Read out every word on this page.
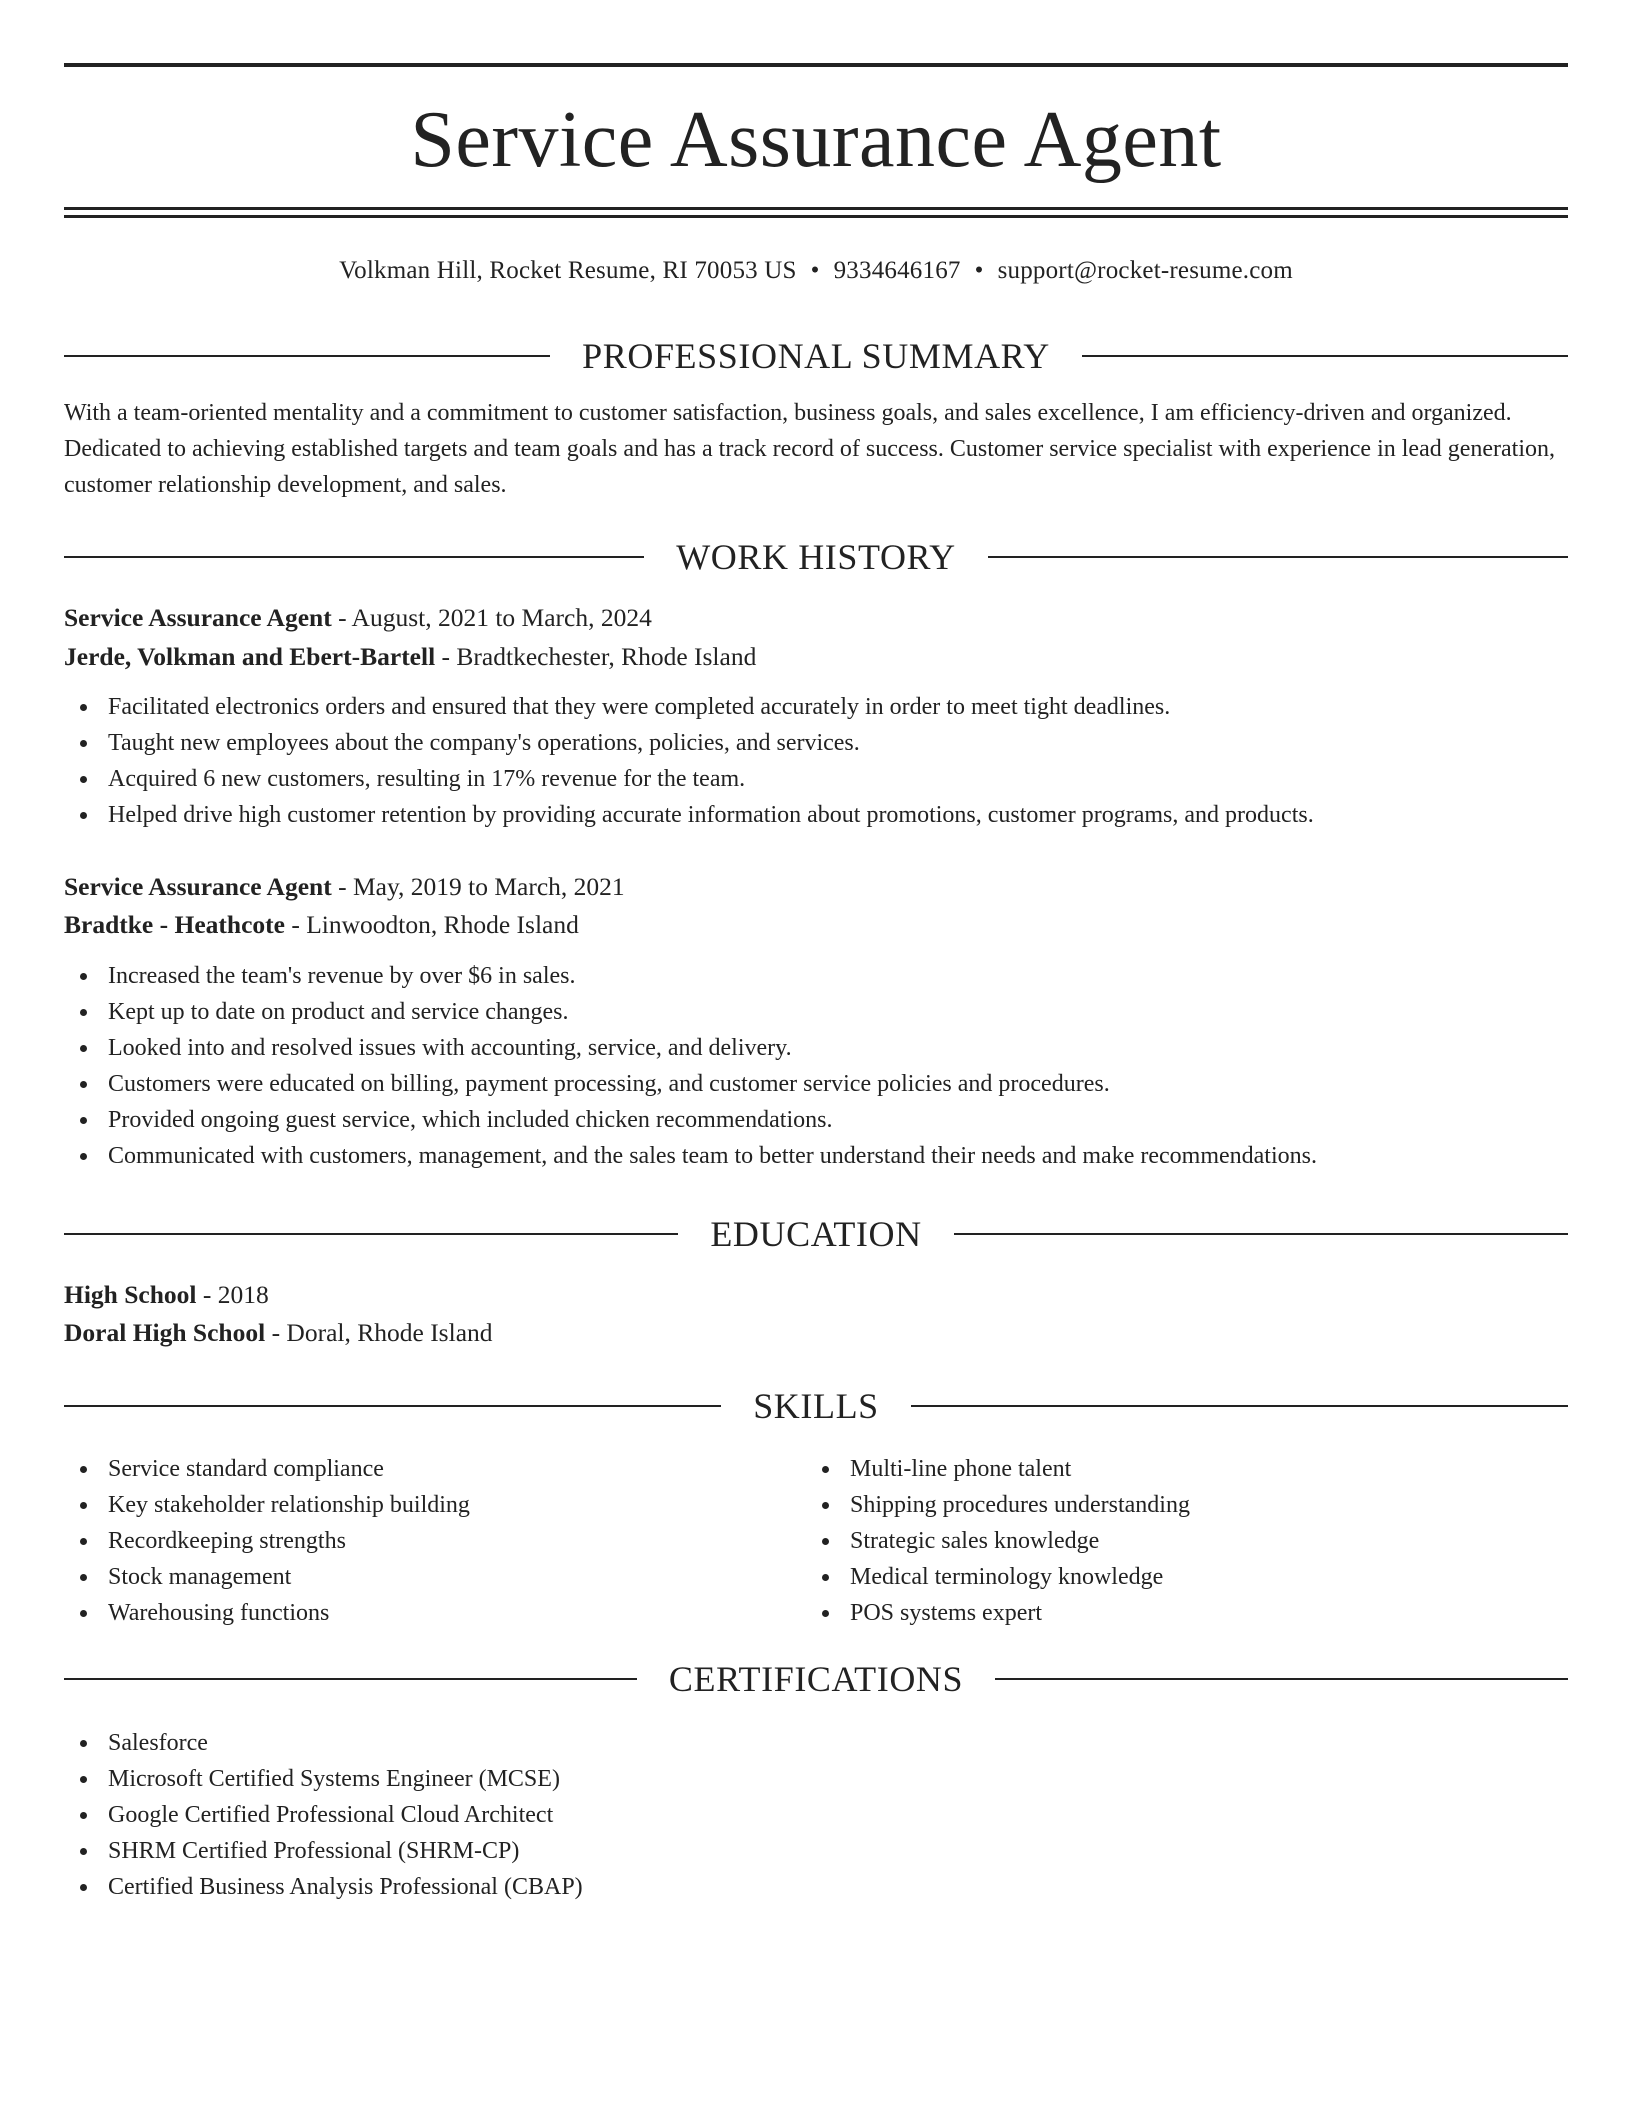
Service Assurance Agent
Volkman Hill, Rocket Resume, RI 70053 US • 9334646167 • support@rocket-resume.com
PROFESSIONAL SUMMARY
With a team-oriented mentality and a commitment to customer satisfaction, business goals, and sales excellence, I am efficiency-driven and organized. Dedicated to achieving established targets and team goals and has a track record of success. Customer service specialist with experience in lead generation, customer relationship development, and sales.
WORK HISTORY
Service Assurance Agent - August, 2021 to March, 2024
Jerde, Volkman and Ebert-Bartell - Bradtkechester, Rhode Island
Facilitated electronics orders and ensured that they were completed accurately in order to meet tight deadlines.
Taught new employees about the company's operations, policies, and services.
Acquired 6 new customers, resulting in 17% revenue for the team.
Helped drive high customer retention by providing accurate information about promotions, customer programs, and products.
Service Assurance Agent - May, 2019 to March, 2021
Bradtke - Heathcote - Linwoodton, Rhode Island
Increased the team's revenue by over $6 in sales.
Kept up to date on product and service changes.
Looked into and resolved issues with accounting, service, and delivery.
Customers were educated on billing, payment processing, and customer service policies and procedures.
Provided ongoing guest service, which included chicken recommendations.
Communicated with customers, management, and the sales team to better understand their needs and make recommendations.
EDUCATION
High School - 2018
Doral High School - Doral, Rhode Island
SKILLS
Service standard compliance
Key stakeholder relationship building
Recordkeeping strengths
Stock management
Warehousing functions
Multi-line phone talent
Shipping procedures understanding
Strategic sales knowledge
Medical terminology knowledge
POS systems expert
CERTIFICATIONS
Salesforce
Microsoft Certified Systems Engineer (MCSE)
Google Certified Professional Cloud Architect
SHRM Certified Professional (SHRM-CP)
Certified Business Analysis Professional (CBAP)
